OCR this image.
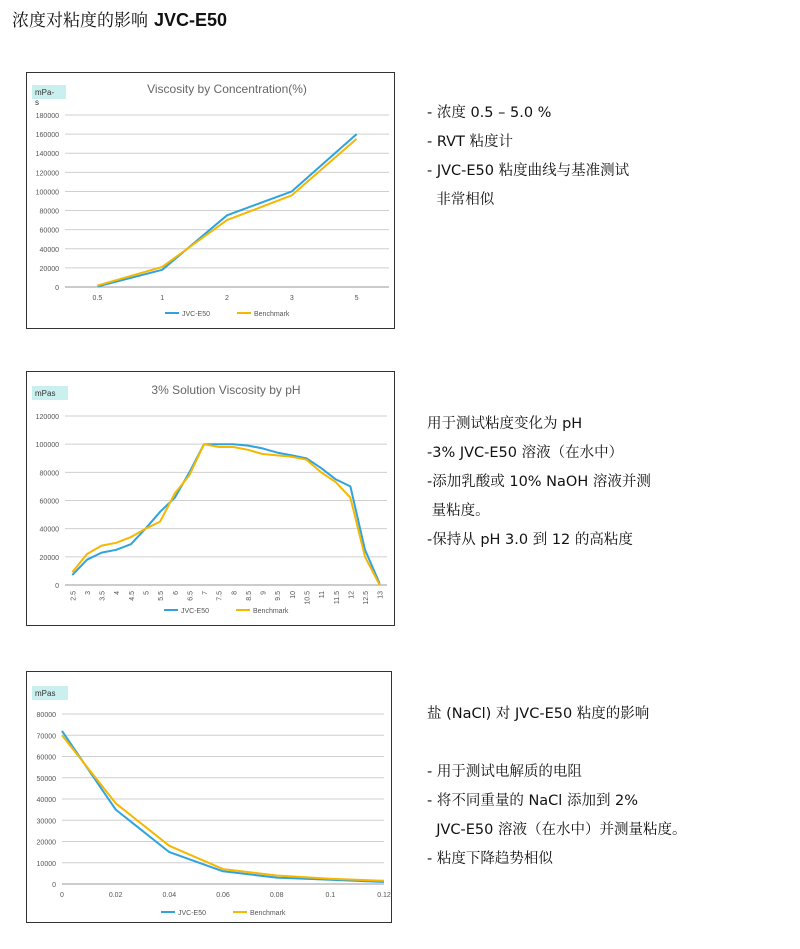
浓度对粘度的影响 JVC-E50
mPa-
s
Viscosity by Concentration(%)
0
20000
40000
60000
80000
100000
120000
140000
160000
180000
0.5	1	2	3	5
JVC-E50	Benchmark
- 浓度 0.5 – 5.0 %
- RVT 粘度计
- JVC-E50 粘度曲线与基准测试
非常相似
mPas	3% Solution Viscosity by pH
0
20000
40000
60000
80000
100000
120000
2.5 3 3.5 4 4.5 5 5.5 6 6.5 7 7.5 8 8.5 9 9.5 10 10.5 11 11.5 12 12.5 13
JVC-E50	Benchmark
用于测试粘度变化为 pH
-3% JVC-E50 溶液（在水中）
-添加乳酸或 10% NaOH 溶液并测
量粘度。
-保持从 pH 3.0 到 12 的高粘度
mPas
0
10000
20000
30000
40000
50000
60000
70000
80000
0	0.02	0.04	0.06	0.08	0.1	0.12
JVC-E50	Benchmark
盐 (NaCl) 对 JVC-E50 粘度的影响

- 用于测试电解质的电阻
- 将不同重量的 NaCl 添加到 2%
JVC-E50 溶液（在水中）并测量粘度。
- 粘度下降趋势相似
